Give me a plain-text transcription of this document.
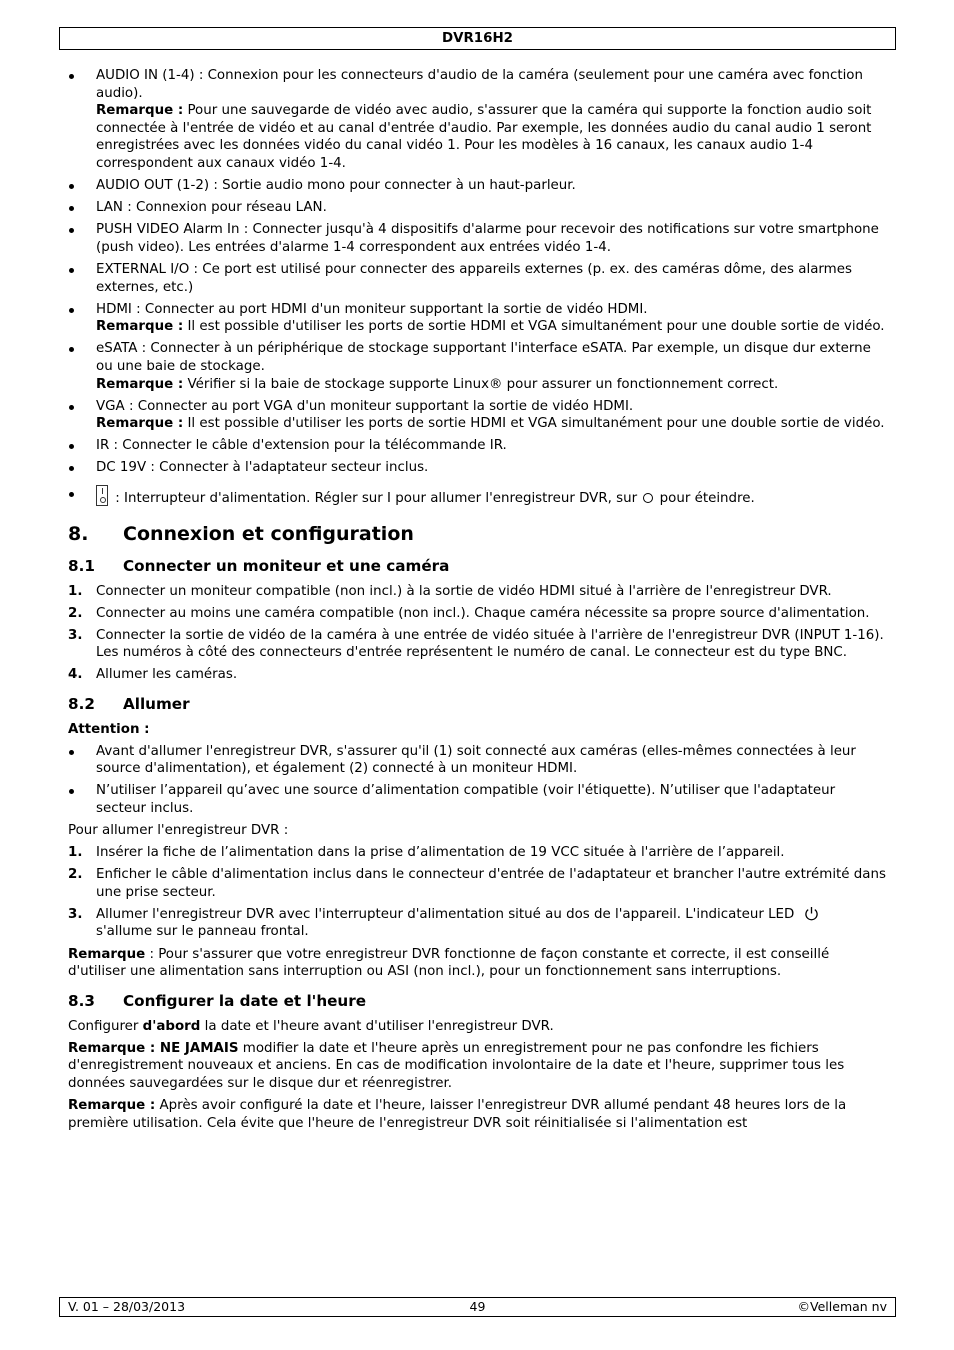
DVR16H2
AUDIO IN (1-4) : Connexion pour les connecteurs d'audio de la caméra (seulement pour une caméra avec fonction audio).
Remarque : Pour une sauvegarde de vidéo avec audio, s'assurer que la caméra qui supporte la fonction audio soit connectée à l'entrée de vidéo et au canal d'entrée d'audio. Par exemple, les données audio du canal audio 1 seront enregistrées avec les données vidéo du canal vidéo 1. Pour les modèles à 16 canaux, les canaux audio 1-4 correspondent aux canaux vidéo 1-4.
AUDIO OUT (1-2) : Sortie audio mono pour connecter à un haut-parleur.
LAN : Connexion pour réseau LAN.
PUSH VIDEO Alarm In : Connecter jusqu'à 4 dispositifs d'alarme pour recevoir des notifications sur votre smartphone (push video). Les entrées d'alarme 1-4 correspondent aux entrées vidéo 1-4.
EXTERNAL I/O : Ce port est utilisé pour connecter des appareils externes (p. ex. des caméras dôme, des alarmes externes, etc.)
HDMI : Connecter au port HDMI d'un moniteur supportant la sortie de vidéo HDMI.
Remarque : Il est possible d'utiliser les ports de sortie HDMI et VGA simultanément pour une double sortie de vidéo.
eSATA : Connecter à un périphérique de stockage supportant l'interface eSATA. Par exemple, un disque dur externe ou une baie de stockage.
Remarque : Vérifier si la baie de stockage supporte Linux® pour assurer un fonctionnement correct.
VGA : Connecter au port VGA d'un moniteur supportant la sortie de vidéo HDMI.
Remarque : Il est possible d'utiliser les ports de sortie HDMI et VGA simultanément pour une double sortie de vidéo.
IR : Connecter le câble d'extension pour la télécommande IR.
DC 19V : Connecter à l'adaptateur secteur inclus.
: Interrupteur d'alimentation. Régler sur I pour allumer l'enregistreur DVR, sur pour éteindre.
8. Connexion et configuration
8.1 Connecter un moniteur et une caméra
1. Connecter un moniteur compatible (non incl.) à la sortie de vidéo HDMI situé à l'arrière de l'enregistreur DVR.
2. Connecter au moins une caméra compatible (non incl.). Chaque caméra nécessite sa propre source d'alimentation.
3. Connecter la sortie de vidéo de la caméra à une entrée de vidéo située à l'arrière de l'enregistreur DVR (INPUT 1-16). Les numéros à côté des connecteurs d'entrée représentent le numéro de canal. Le connecteur est du type BNC.
4. Allumer les caméras.
8.2 Allumer
Attention :
Avant d'allumer l'enregistreur DVR, s'assurer qu'il (1) soit connecté aux caméras (elles-mêmes connectées à leur source d'alimentation), et également (2) connecté à un moniteur HDMI.
N’utiliser l’appareil qu’avec une source d’alimentation compatible (voir l'étiquette). N’utiliser que l'adaptateur secteur inclus.
Pour allumer l'enregistreur DVR :
1. Insérer la fiche de l’alimentation dans la prise d’alimentation de 19 VCC située à l'arrière de l’appareil.
2. Enficher le câble d'alimentation inclus dans le connecteur d'entrée de l'adaptateur et brancher l'autre extrémité dans une prise secteur.
3. Allumer l'enregistreur DVR avec l'interrupteur d'alimentation situé au dos de l'appareil. L'indicateur LED
s'allume sur le panneau frontal.
Remarque : Pour s'assurer que votre enregistreur DVR fonctionne de façon constante et correcte, il est conseillé d'utiliser une alimentation sans interruption ou ASI (non incl.), pour un fonctionnement sans interruptions.
8.3 Configurer la date et l'heure
Configurer d'abord la date et l'heure avant d'utiliser l'enregistreur DVR.
Remarque : NE JAMAIS modifier la date et l'heure après un enregistrement pour ne pas confondre les fichiers d'enregistrement nouveaux et anciens. En cas de modification involontaire de la date et l'heure, supprimer tous les données sauvegardées sur le disque dur et réenregistrer.
Remarque : Après avoir configuré la date et l'heure, laisser l'enregistreur DVR allumé pendant 48 heures lors de la première utilisation. Cela évite que l'heure de l'enregistreur DVR soit réinitialisée si l'alimentation est
V. 01 – 28/03/2013	49	©Velleman nv
